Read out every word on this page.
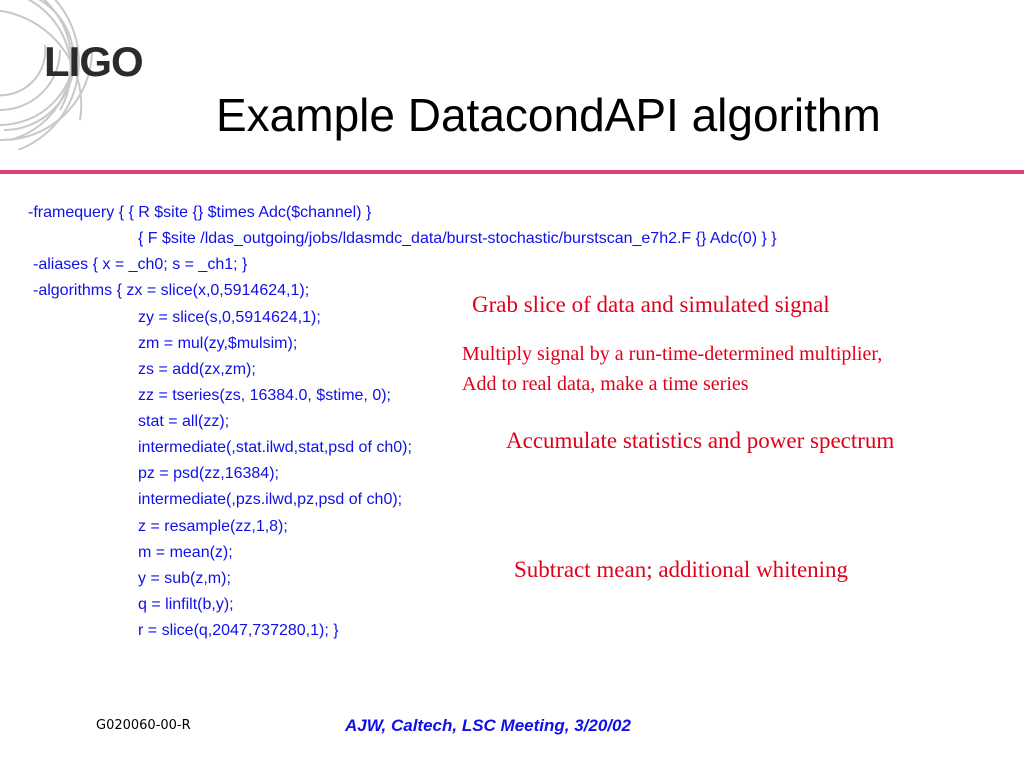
LIGO
Example DatacondAPI algorithm
-framequery { { R $site {} $times Adc($channel) }
{ F $site /ldas_outgoing/jobs/ldasmdc_data/burst-stochastic/burstscan_e7h2.F {} Adc(0) } }
-aliases { x = _ch0; s = _ch1; }
-algorithms { zx = slice(x,0,5914624,1);
zy = slice(s,0,5914624,1);
zm = mul(zy,$mulsim);
zs = add(zx,zm);
zz = tseries(zs, 16384.0, $stime, 0);
stat = all(zz);
intermediate(,stat.ilwd,stat,psd of ch0);
pz = psd(zz,16384);
intermediate(,pzs.ilwd,pz,psd of ch0);
z = resample(zz,1,8);
m = mean(z);
y = sub(z,m);
q = linfilt(b,y);
r = slice(q,2047,737280,1); }
Grab slice of data and simulated signal
Multiply signal by a run-time-determined multiplier,
Add to real data, make a time series
Accumulate statistics and power spectrum
Subtract mean; additional whitening
G020060-00-R	AJW, Caltech, LSC Meeting, 3/20/02
